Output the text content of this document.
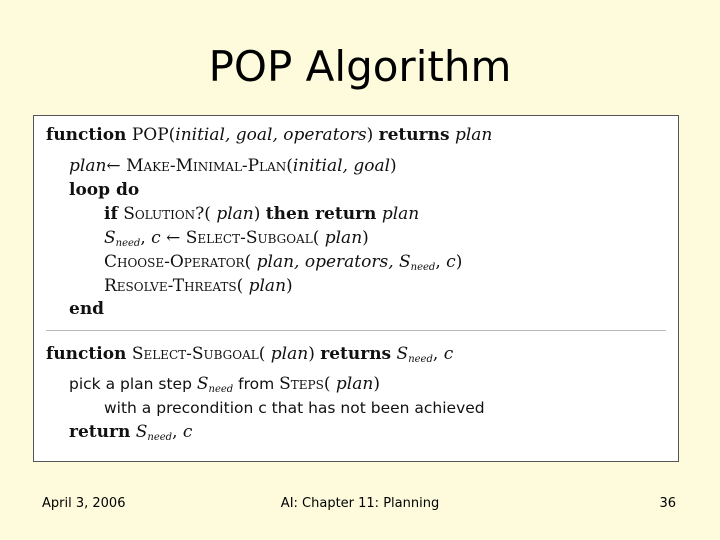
POP Algorithm
function POP(initial, goal, operators) returns plan
plan← Make-Minimal-Plan(initial, goal)
loop do
if Solution?( plan) then return plan
$S_{need}$, c ← Select-Subgoal( plan)
Choose-Operator( plan, operators, $S_{need}$, c)
Resolve-Threats( plan)
end
function Select-Subgoal( plan) returns $S_{need}$, c
pick a plan step $S_{need}$ from Steps( plan)
with a precondition c that has not been achieved
return $S_{need}$, c
April 3, 2006	AI: Chapter 11: Planning	36
